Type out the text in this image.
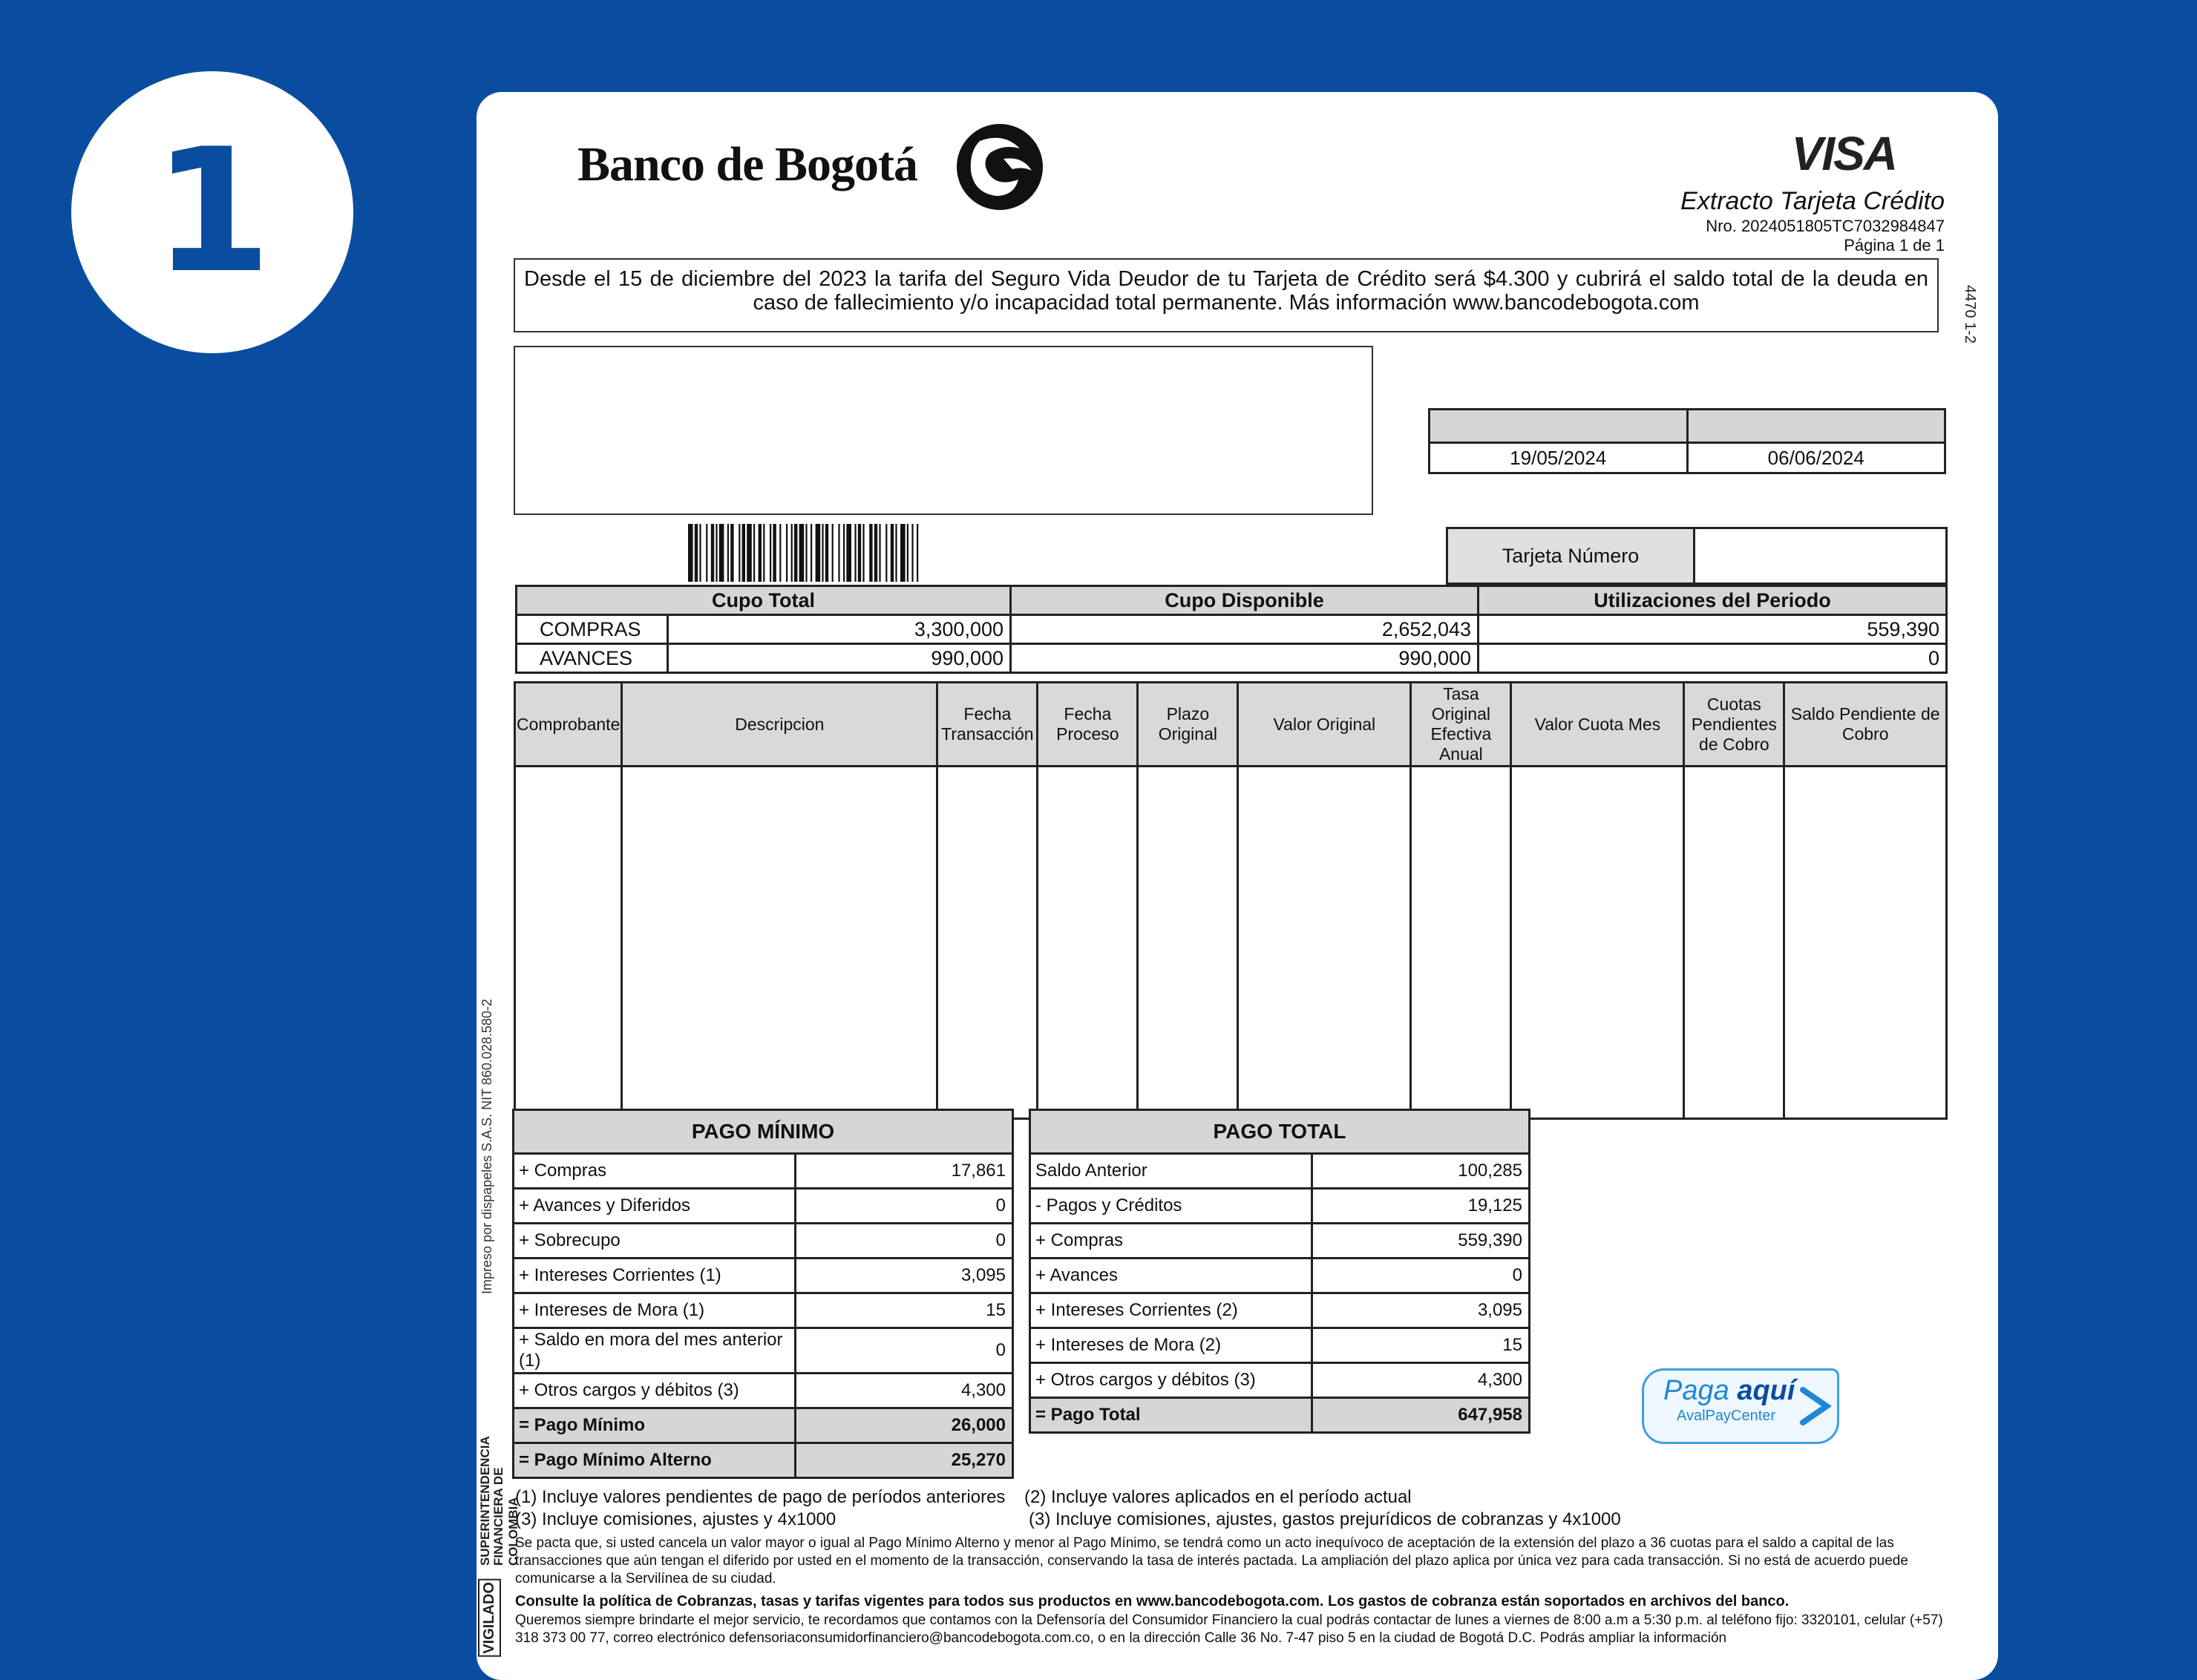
1	Banco de Bogotá	VISA
Extracto Tarjeta Crédito
Nro. 2024051805TC7032984847
Página 1 de 1
4470 1-2
Desde el 15 de diciembre del 2023 la tarifa del Seguro Vida Deudor de tu Tarjeta de Crédito será $4.300 y cubrirá el saldo total de la deuda en caso de fallecimiento y/o incapacidad total permanente. Más información www.bancodebogota.com

19/05/2024	06/06/2024
Tarjeta Número	
Cupo Total		Cupo Disponible	Utilizaciones del Periodo
COMPRAS	3,300,000	2,652,043	559,390
AVANCES	990,000	990,000	0
Comprobante	Descripcion	Fecha Transacción	Fecha Proceso	Plazo Original	Valor Original	Tasa Original Efectiva Anual	Valor Cuota Mes	Cuotas Pendientes de Cobro	Saldo Pendiente de Cobro

PAGO MÍNIMO	
+ Compras	17,861
+ Avances y Diferidos	0
+ Sobrecupo	0
+ Intereses Corrientes (1)	3,095
+ Intereses de Mora (1)	15
+ Saldo en mora del mes anterior (1)	0
+ Otros cargos y débitos (3)	4,300
= Pago Mínimo	26,000
= Pago Mínimo Alterno	25,270
PAGO TOTAL	
Saldo Anterior	100,285
- Pagos y Créditos	19,125
+ Compras	559,390
+ Avances	0
+ Intereses Corrientes (2)	3,095
+ Intereses de Mora (2)	15
+ Otros cargos y débitos (3)	4,300
= Pago Total	647,958
Paga aquí
AvalPayCenter
Impreso por dispapeles S.A.S. NIT 860.028.580-2
SUPERINTENDENCIA FINANCIERA DE COLOMBIA
VIGILADO
(1) Incluye valores pendientes de pago de períodos anteriores (2) Incluye valores aplicados en el período actual
(3) Incluye comisiones, ajustes y 4x1000	(3) Incluye comisiones, ajustes, gastos prejurídicos de cobranzas y 4x1000
Se pacta que, si usted cancela un valor mayor o igual al Pago Mínimo Alterno y menor al Pago Mínimo, se tendrá como un acto inequívoco de aceptación de la extensión del plazo a 36 cuotas para el saldo a capital de las transacciones que aún tengan el diferido por usted en el momento de la transacción, conservando la tasa de interés pactada. La ampliación del plazo aplica por única vez para cada transacción. Si no está de acuerdo puede comunicarse a la Servilínea de su ciudad.
Consulte la política de Cobranzas, tasas y tarifas vigentes para todos sus productos en www.bancodebogota.com. Los gastos de cobranza están soportados en archivos del banco.
Queremos siempre brindarte el mejor servicio, te recordamos que contamos con la Defensoría del Consumidor Financiero la cual podrás contactar de lunes a viernes de 8:00 a.m a 5:30 p.m. al teléfono fijo: 3320101, celular (+57) 318 373 00 77, correo electrónico defensoriaconsumidorfinanciero@bancodebogota.com.co, o en la dirección Calle 36 No. 7-47 piso 5 en la ciudad de Bogotá D.C. Podrás ampliar la información
